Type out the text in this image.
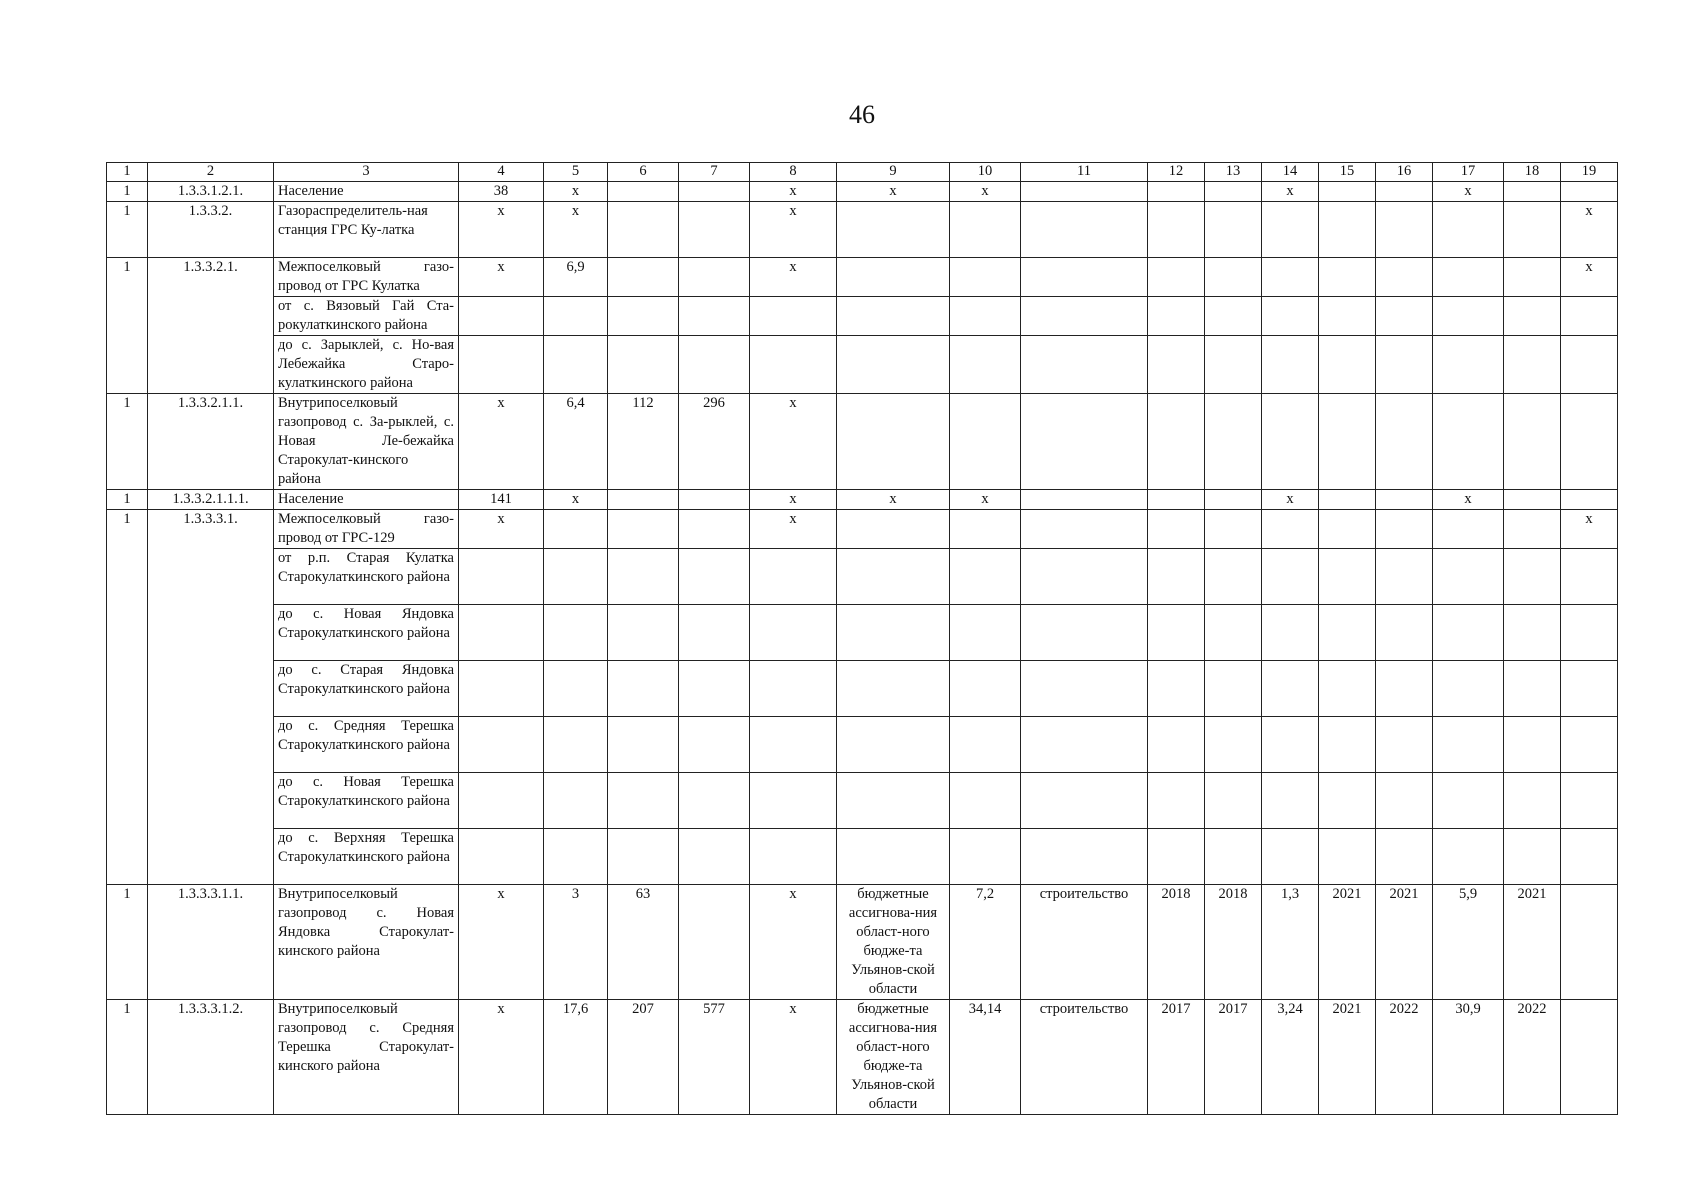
46
1	2	3	4	5	6	7	8	9	10	11	12	13	14	15	16	17	18	19
1	1.3.3.1.2.1.	Население	38	x			x	x	x				x			x		
1	1.3.3.2.	Газораспределитель-ная станция ГРС Ку-латка	x	x			x											x
1	1.3.3.2.1.	Межпоселковый газо-провод от ГРС Кулатка	x	6,9			x											x
		от с. Вязовый Гай Ста-рокулаткинского района																
		до с. Зарыклей, с. Но-вая Лебежайка Старо-кулаткинского района																
1	1.3.3.2.1.1.	Внутрипоселковый газопровод с. За-рыклей, с. Новая Ле-бежайка Старокулат-кинского района	x	6,4	112	296	x											
1	1.3.3.2.1.1.1.	Население	141	x			x	x	x				x			x		
1	1.3.3.3.1.	Межпоселковый газо-провод от ГРС-129	x				x											x
		от р.п. Старая Кулатка Старокулаткинского района																
		до с. Новая Яндовка Старокулаткинского района																
		до с. Старая Яндовка Старокулаткинского района																
		до с. Средняя Терешка Старокулаткинского района																
		до с. Новая Терешка Старокулаткинского района																
		до с. Верхняя Терешка Старокулаткинского района																
1	1.3.3.3.1.1.	Внутрипоселковый газопровод с. Новая Яндовка Старокулат-кинского района	x	3	63		x	бюджетные ассигнова-ния област-ного бюдже-та Ульянов-ской области	7,2	строительство	2018	2018	1,3	2021	2021	5,9	2021	
1	1.3.3.3.1.2.	Внутрипоселковый газопровод с. Средняя Терешка Старокулат-кинского района	x	17,6	207	577	x	бюджетные ассигнова-ния област-ного бюдже-та Ульянов-ской области	34,14	строительство	2017	2017	3,24	2021	2022	30,9	2022	
